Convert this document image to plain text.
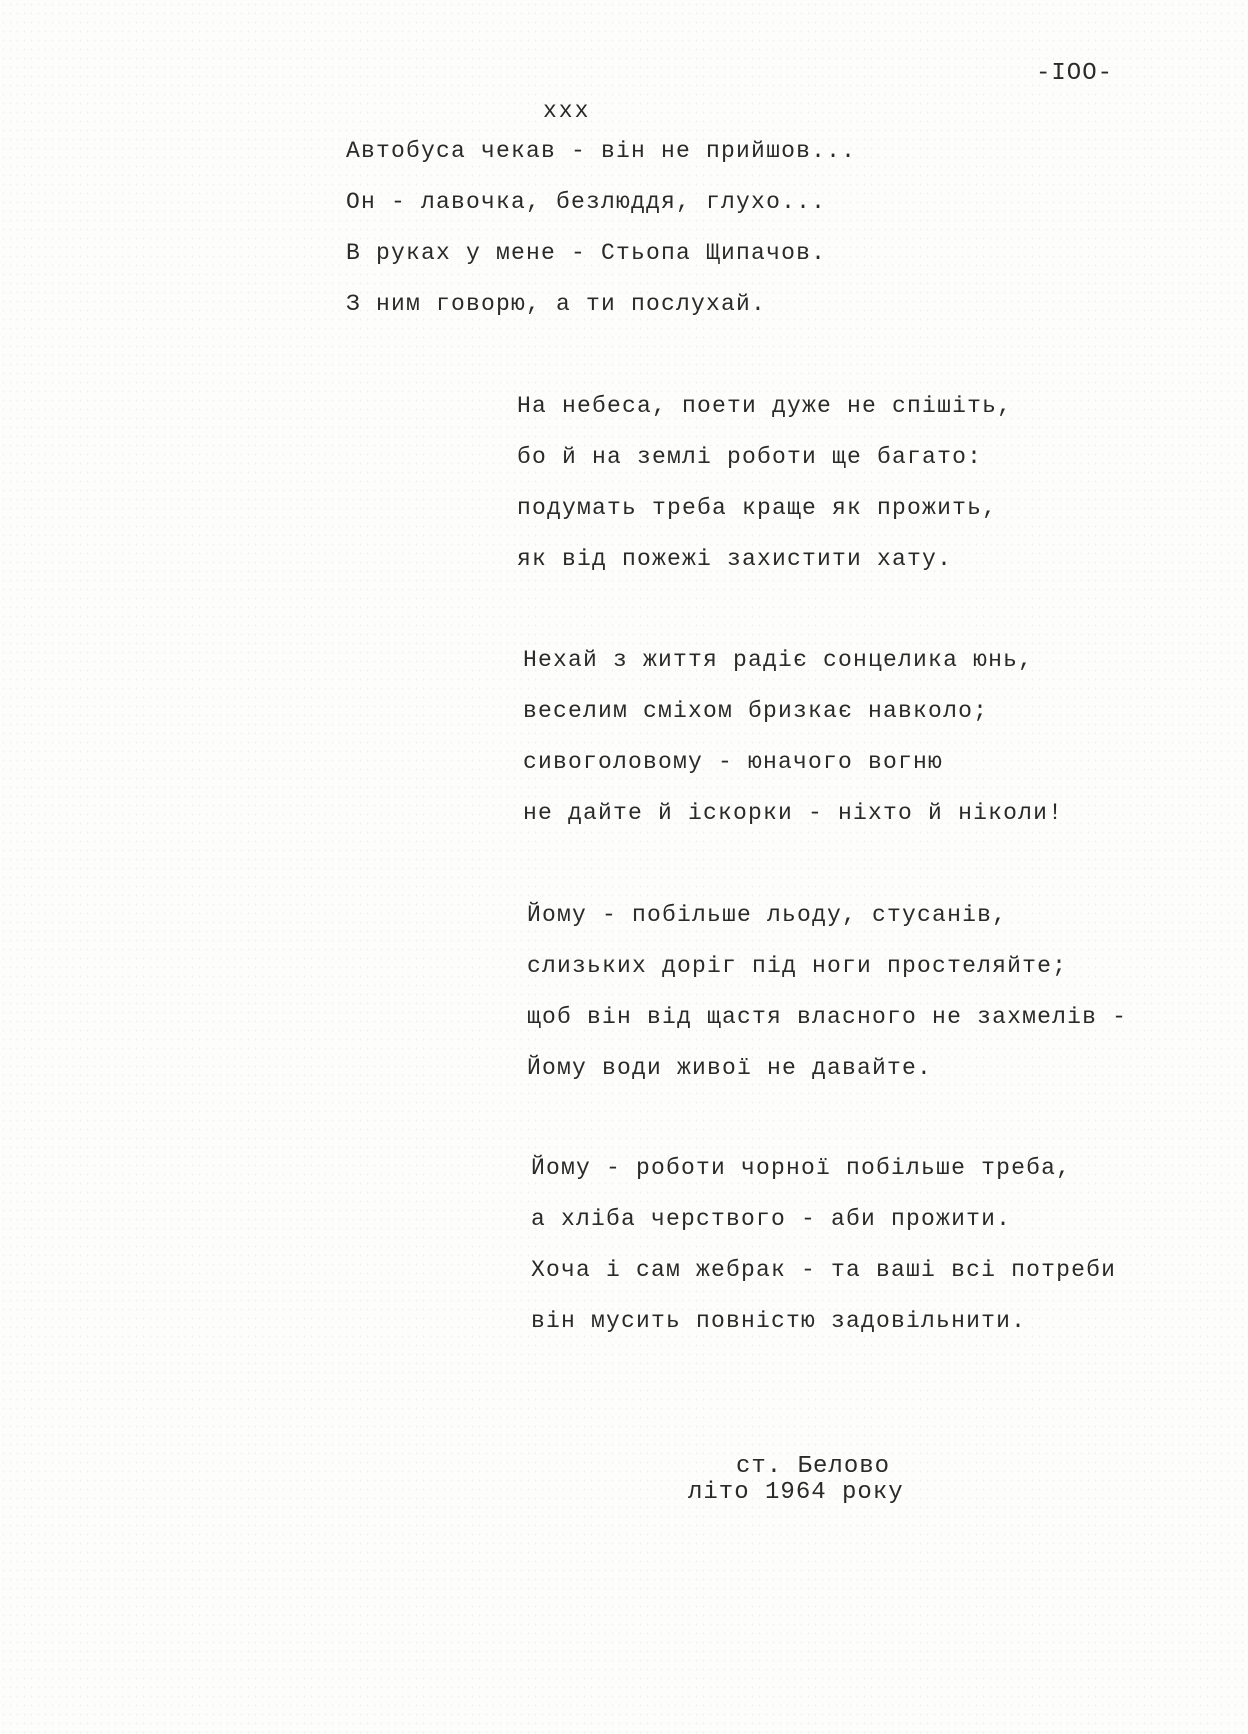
-IOO-
xxx
Автобуса чекав - він не прийшов...
Он - лавочка, безлюддя, глухо...
В руках у мене - Стьопа Щипачов.
З ним говорю, а ти послухай.
На небеса, поети дуже не спішіть,
бо й на землі роботи ще багато:
подумать треба краще як прожить,
як від пожежі захистити хату.
Нехай з життя радіє сонцелика юнь,
веселим сміхом бризкає навколо;
сивоголовому - юначого вогню
не дайте й іскорки - ніхто й ніколи!
Йому - побільше льоду, стусанів,
слизьких доріг під ноги простеляйте;
щоб він від щастя власного не захмелів -
Йому води живої не давайте.
Йому - роботи чорної побільше треба,
а хліба черствого - аби прожити.
Хоча і сам жебрак - та ваші всі потреби
він мусить повністю задовільнити.
ст. Белово
літо 1964 року
